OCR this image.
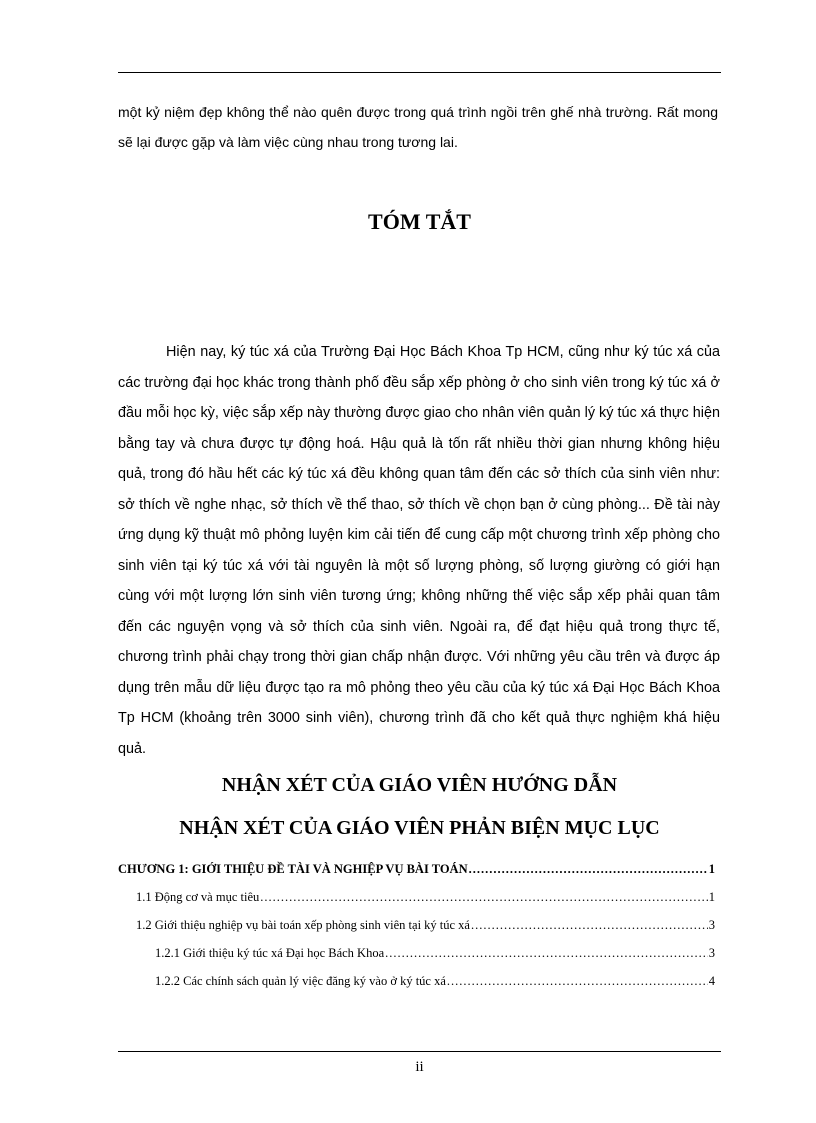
một kỷ niệm đẹp không thể nào quên được trong quá trình ngồi trên ghế nhà trường. Rất mong sẽ lại được gặp và làm việc cùng nhau trong tương lai.

TÓM TẮT

Hiện nay, ký túc xá của Trường Đại Học Bách Khoa Tp HCM, cũng như ký túc xá của các trường đại học khác trong thành phố đều sắp xếp phòng ở cho sinh viên trong ký túc xá ở đầu mỗi học kỳ, việc sắp xếp này thường được giao cho nhân viên quản lý ký túc xá thực hiện bằng tay và chưa được tự động hoá. Hậu quả là tốn rất nhiều thời gian nhưng không hiệu quả, trong đó hầu hết các ký túc xá đều không quan tâm đến các sở thích của sinh viên như: sở thích về nghe nhạc, sở thích về thể thao, sở thích về chọn bạn ở cùng phòng... Đề tài này ứng dụng kỹ thuật mô phỏng luyện kim cải tiến để cung cấp một chương trình xếp phòng cho sinh viên tại ký túc xá với tài nguyên là một số lượng phòng, số lượng giường có giới hạn cùng với một lượng lớn sinh viên tương ứng; không những thế việc sắp xếp phải quan tâm đến các nguyện vọng và sở thích của sinh viên. Ngoài ra, để đạt hiệu quả trong thực tế, chương trình phải chạy trong thời gian chấp nhận được. Với những yêu cầu trên và được áp dụng trên mẫu dữ liệu được tạo ra mô phỏng theo yêu cầu của ký túc xá Đại Học Bách Khoa Tp HCM (khoảng trên 3000 sinh viên), chương trình đã cho kết quả thực nghiệm khá hiệu quả.

NHẬN XÉT CỦA GIÁO VIÊN HƯỚNG DẪN
NHẬN XÉT CỦA GIÁO VIÊN PHẢN BIỆN MỤC LỤC
CHƯƠNG 1: GIỚI THIỆU ĐỀ TÀI VÀ NGHIỆP VỤ BÀI TOÁN .....	1
1.1 Động cơ và mục tiêu .....	1
1.2 Giới thiệu nghiệp vụ bài toán xếp phòng sinh viên tại ký túc xá .....	3
1.2.1 Giới thiệu ký túc xá Đại học Bách Khoa .....	3
1.2.2 Các chính sách quản lý việc đăng ký vào ở ký túc xá .....	4
ii
